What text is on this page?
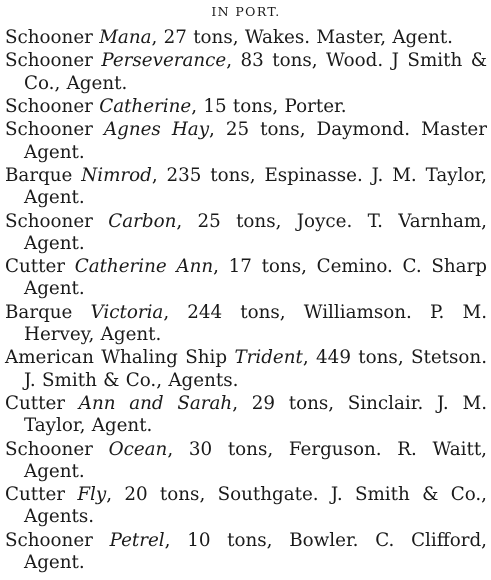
IN PORT.

Schooner Mana, 27 tons, Wakes. Master, Agent.

Schooner Perseverance, 83 tons, Wood. J Smith & Co., Agent.

Schooner Catherine, 15 tons, Porter.

Schooner Agnes Hay, 25 tons, Daymond. Master Agent.

Barque Nimrod, 235 tons, Espinasse. J. M. Taylor, Agent.

Schooner Carbon, 25 tons, Joyce. T. Varnham, Agent.

Cutter Catherine Ann, 17 tons, Cemino. C. Sharp Agent.

Barque Victoria, 244 tons, Williamson. P. M. Hervey, Agent.

American Whaling Ship Trident, 449 tons, Stetson. J. Smith & Co., Agents.

Cutter Ann and Sarah, 29 tons, Sinclair. J. M. Taylor, Agent.

Schooner Ocean, 30 tons, Ferguson. R. Waitt, Agent.

Cutter Fly, 20 tons, Southgate. J. Smith & Co., Agents.

Schooner Petrel, 10 tons, Bowler. C. Clifford, Agent.
